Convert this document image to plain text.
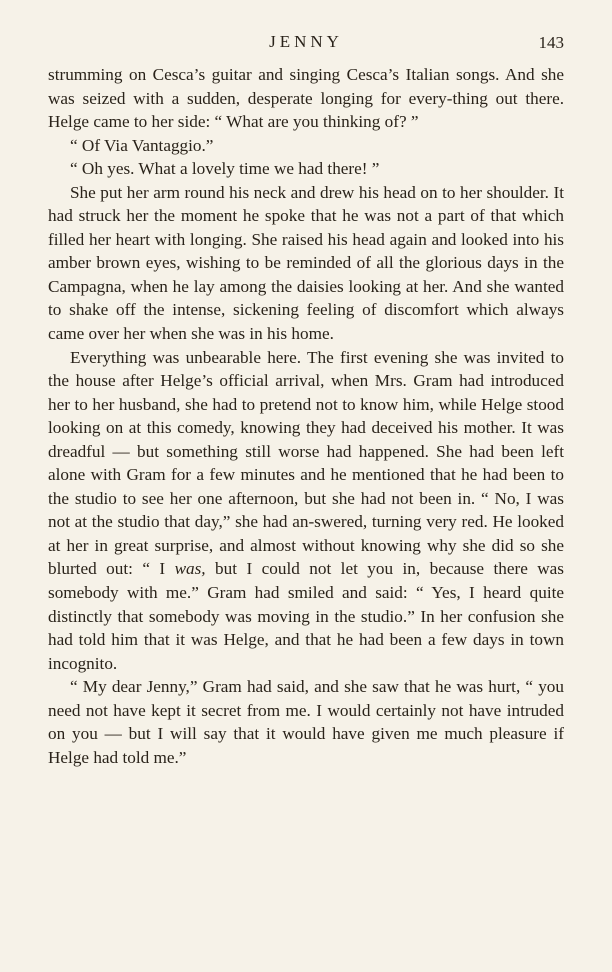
JENNY	143

strumming on Cesca’s guitar and singing Cesca’s Italian songs. And she was seized with a sudden, desperate longing for every-thing out there. Helge came to her side: “ What are you thinking of? ”

“ Of Via Vantaggio.”

“ Oh yes. What a lovely time we had there! ”

She put her arm round his neck and drew his head on to her shoulder. It had struck her the moment he spoke that he was not a part of that which filled her heart with longing. She raised his head again and looked into his amber brown eyes, wishing to be reminded of all the glorious days in the Campagna, when he lay among the daisies looking at her. And she wanted to shake off the intense, sickening feeling of discomfort which always came over her when she was in his home.

Everything was unbearable here. The first evening she was invited to the house after Helge’s official arrival, when Mrs. Gram had introduced her to her husband, she had to pretend not to know him, while Helge stood looking on at this comedy, knowing they had deceived his mother. It was dreadful — but something still worse had happened. She had been left alone with Gram for a few minutes and he mentioned that he had been to the studio to see her one afternoon, but she had not been in. “ No, I was not at the studio that day,” she had an-swered, turning very red. He looked at her in great surprise, and almost without knowing why she did so she blurted out: “ I was, but I could not let you in, because there was somebody with me.” Gram had smiled and said: “ Yes, I heard quite distinctly that somebody was moving in the studio.” In her confusion she had told him that it was Helge, and that he had been a few days in town incognito.

“ My dear Jenny,” Gram had said, and she saw that he was hurt, “ you need not have kept it secret from me. I would certainly not have intruded on you — but I will say that it would have given me much pleasure if Helge had told me.”
